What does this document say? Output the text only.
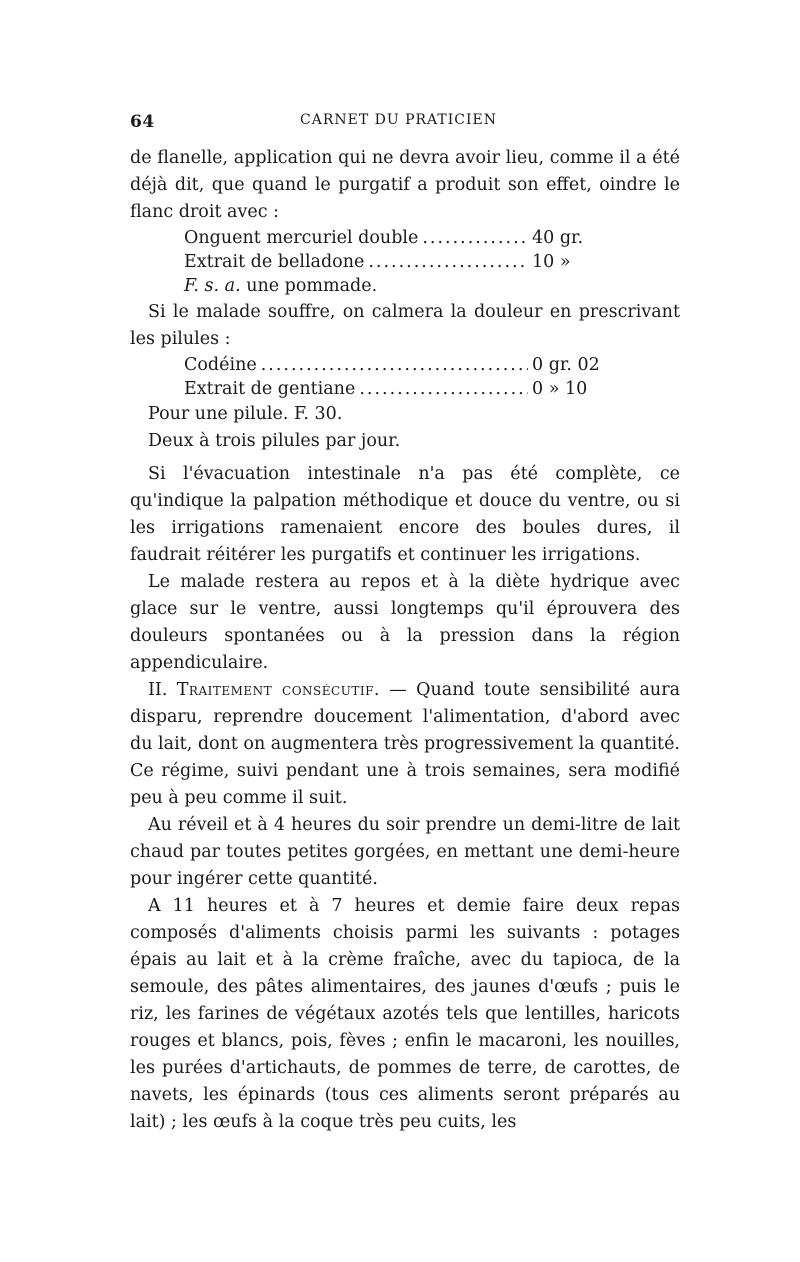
64	CARNET DU PRATICIEN

de flanelle, application qui ne devra avoir lieu, comme il a été déjà dit, que quand le purgatif a produit son effet, oindre le flanc droit avec :

Onguent mercuriel double .....	40 gr.
Extrait de belladone .....	10 »

F. s. a. une pommade.

Si le malade souffre, on calmera la douleur en prescrivant les pilules :

Codéine .....	0 gr. 02
Extrait de gentiane .....	0 » 10

Pour une pilule. F. 30.

Deux à trois pilules par jour.

Si l'évacuation intestinale n'a pas été complète, ce qu'indique la palpation méthodique et douce du ventre, ou si les irrigations ramenaient encore des boules dures, il faudrait réitérer les purgatifs et continuer les irrigations.

Le malade restera au repos et à la diète hydrique avec glace sur le ventre, aussi longtemps qu'il éprouvera des douleurs spontanées ou à la pression dans la région appendiculaire.

II. Traitement consécutif. — Quand toute sensibilité aura disparu, reprendre doucement l'alimentation, d'abord avec du lait, dont on augmentera très progressivement la quantité. Ce régime, suivi pendant une à trois semaines, sera modifié peu à peu comme il suit.

Au réveil et à 4 heures du soir prendre un demi-litre de lait chaud par toutes petites gorgées, en mettant une demi-heure pour ingérer cette quantité.

A 11 heures et à 7 heures et demie faire deux repas composés d'aliments choisis parmi les suivants : potages épais au lait et à la crème fraîche, avec du tapioca, de la semoule, des pâtes alimentaires, des jaunes d'œufs ; puis le riz, les farines de végétaux azotés tels que lentilles, haricots rouges et blancs, pois, fèves ; enfin le macaroni, les nouilles, les purées d'artichauts, de pommes de terre, de carottes, de navets, les épinards (tous ces aliments seront préparés au lait) ; les œufs à la coque très peu cuits, les
